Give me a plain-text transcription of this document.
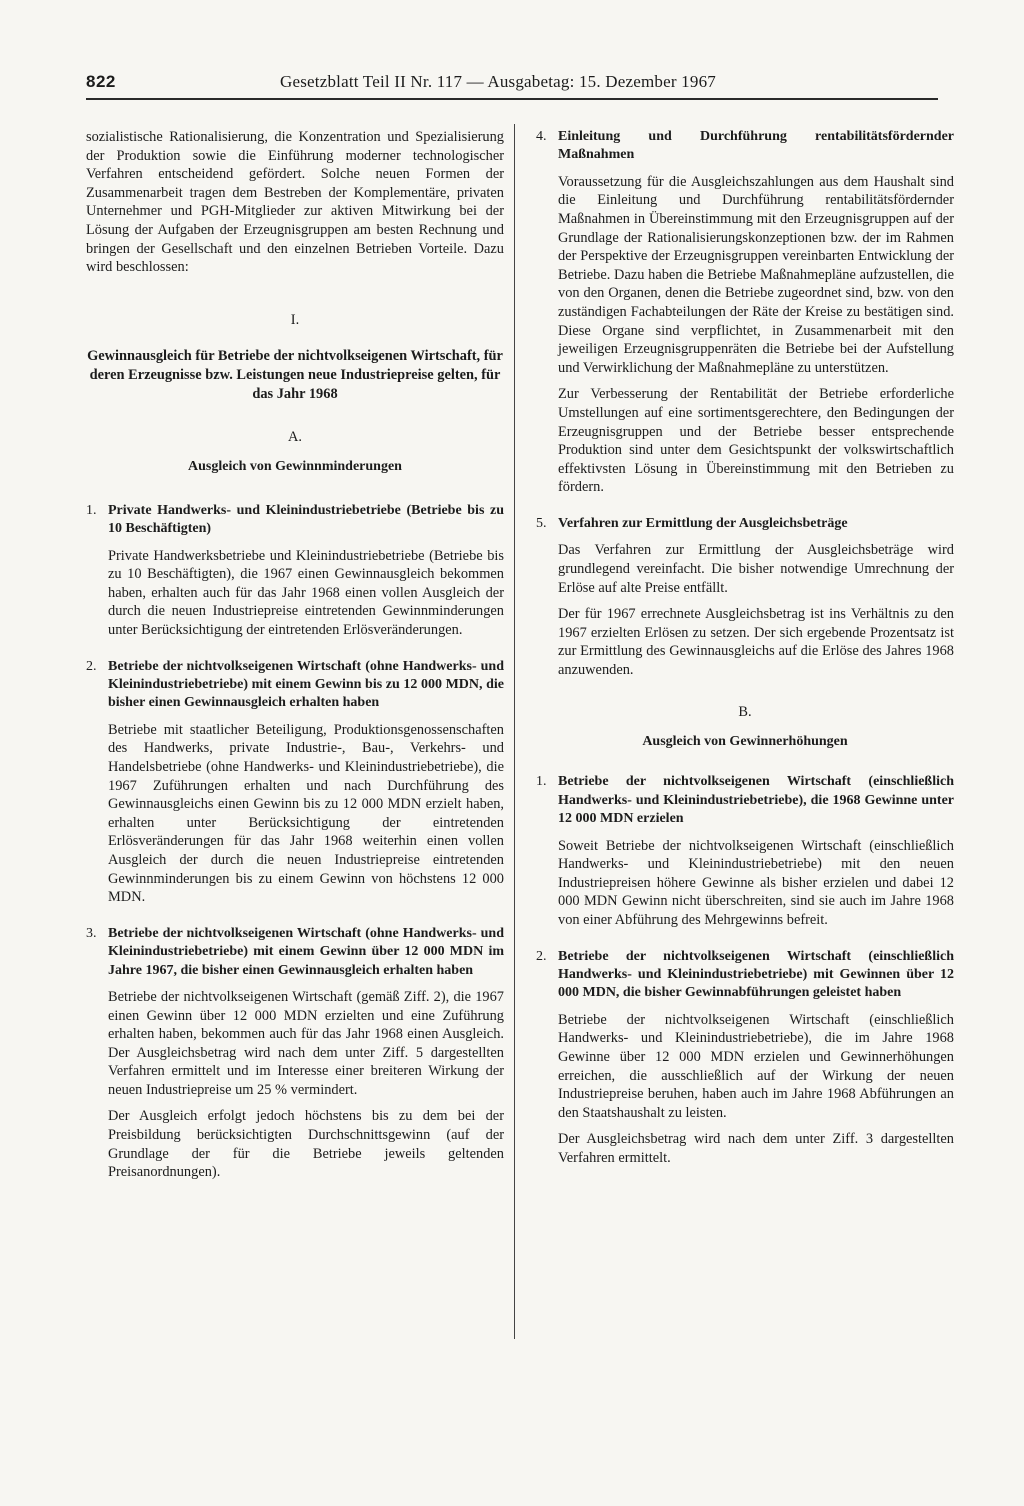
822	Gesetzblatt Teil II Nr. 117 — Ausgabetag: 15. Dezember 1967

sozialistische Rationalisierung, die Konzentration und Spezialisierung der Produktion sowie die Einführung moderner technologischer Verfahren entscheidend gefördert. Solche neuen Formen der Zusammenarbeit tragen dem Bestreben der Komplementäre, privaten Unternehmer und PGH-Mitglieder zur aktiven Mitwirkung bei der Lösung der Aufgaben der Erzeugnisgruppen am besten Rechnung und bringen der Gesellschaft und den einzelnen Betrieben Vorteile. Dazu wird beschlossen:

I.
Gewinnausgleich für Betriebe der nichtvolkseigenen Wirtschaft, für deren Erzeugnisse bzw. Leistungen neue Industriepreise gelten, für das Jahr 1968
A.
Ausgleich von Gewinnminderungen
1. Private Handwerks- und Kleinindustriebetriebe (Betriebe bis zu 10 Beschäftigten)

Private Handwerksbetriebe und Kleinindustriebetriebe (Betriebe bis zu 10 Beschäftigten), die 1967 einen Gewinnausgleich bekommen haben, erhalten auch für das Jahr 1968 einen vollen Ausgleich der durch die neuen Industriepreise eintretenden Gewinnminderungen unter Berücksichtigung der eintretenden Erlösveränderungen.

2. Betriebe der nichtvolkseigenen Wirtschaft (ohne Handwerks- und Kleinindustriebetriebe) mit einem Gewinn bis zu 12 000 MDN, die bisher einen Gewinnausgleich erhalten haben

Betriebe mit staatlicher Beteiligung, Produktionsgenossenschaften des Handwerks, private Industrie-, Bau-, Verkehrs- und Handelsbetriebe (ohne Handwerks- und Kleinindustriebetriebe), die 1967 Zuführungen erhalten und nach Durchführung des Gewinnausgleichs einen Gewinn bis zu 12 000 MDN erzielt haben, erhalten unter Berücksichtigung der eintretenden Erlösveränderungen für das Jahr 1968 weiterhin einen vollen Ausgleich der durch die neuen Industriepreise eintretenden Gewinnminderungen bis zu einem Gewinn von höchstens 12 000 MDN.

3. Betriebe der nichtvolkseigenen Wirtschaft (ohne Handwerks- und Kleinindustriebetriebe) mit einem Gewinn über 12 000 MDN im Jahre 1967, die bisher einen Gewinnausgleich erhalten haben

Betriebe der nichtvolkseigenen Wirtschaft (gemäß Ziff. 2), die 1967 einen Gewinn über 12 000 MDN erzielten und eine Zuführung erhalten haben, bekommen auch für das Jahr 1968 einen Ausgleich. Der Ausgleichsbetrag wird nach dem unter Ziff. 5 dargestellten Verfahren ermittelt und im Interesse einer breiteren Wirkung der neuen Industriepreise um 25 % vermindert.

Der Ausgleich erfolgt jedoch höchstens bis zu dem bei der Preisbildung berücksichtigten Durchschnittsgewinn (auf der Grundlage der für die Betriebe jeweils geltenden Preisanordnungen).

4. Einleitung und Durchführung rentabilitätsfördernder Maßnahmen

Voraussetzung für die Ausgleichszahlungen aus dem Haushalt sind die Einleitung und Durchführung rentabilitätsfördernder Maßnahmen in Übereinstimmung mit den Erzeugnisgruppen auf der Grundlage der Rationalisierungskonzeptionen bzw. der im Rahmen der Perspektive der Erzeugnisgruppen vereinbarten Entwicklung der Betriebe. Dazu haben die Betriebe Maßnahmepläne aufzustellen, die von den Organen, denen die Betriebe zugeordnet sind, bzw. von den zuständigen Fachabteilungen der Räte der Kreise zu bestätigen sind. Diese Organe sind verpflichtet, in Zusammenarbeit mit den jeweiligen Erzeugnisgruppenräten die Betriebe bei der Aufstellung und Verwirklichung der Maßnahmepläne zu unterstützen.

Zur Verbesserung der Rentabilität der Betriebe erforderliche Umstellungen auf eine sortimentsgerechtere, den Bedingungen der Erzeugnisgruppen und der Betriebe besser entsprechende Produktion sind unter dem Gesichtspunkt der volkswirtschaftlich effektivsten Lösung in Übereinstimmung mit den Betrieben zu fördern.

5. Verfahren zur Ermittlung der Ausgleichsbeträge

Das Verfahren zur Ermittlung der Ausgleichsbeträge wird grundlegend vereinfacht. Die bisher notwendige Umrechnung der Erlöse auf alte Preise entfällt.

Der für 1967 errechnete Ausgleichsbetrag ist ins Verhältnis zu den 1967 erzielten Erlösen zu setzen. Der sich ergebende Prozentsatz ist zur Ermittlung des Gewinnausgleichs auf die Erlöse des Jahres 1968 anzuwenden.

B.
Ausgleich von Gewinnerhöhungen
1. Betriebe der nichtvolkseigenen Wirtschaft (einschließlich Handwerks- und Kleinindustriebetriebe), die 1968 Gewinne unter 12 000 MDN erzielen

Soweit Betriebe der nichtvolkseigenen Wirtschaft (einschließlich Handwerks- und Kleinindustriebetriebe) mit den neuen Industriepreisen höhere Gewinne als bisher erzielen und dabei 12 000 MDN Gewinn nicht überschreiten, sind sie auch im Jahre 1968 von einer Abführung des Mehrgewinns befreit.

2. Betriebe der nichtvolkseigenen Wirtschaft (einschließlich Handwerks- und Kleinindustriebetriebe) mit Gewinnen über 12 000 MDN, die bisher Gewinnabführungen geleistet haben

Betriebe der nichtvolkseigenen Wirtschaft (einschließlich Handwerks- und Kleinindustriebetriebe), die im Jahre 1968 Gewinne über 12 000 MDN erzielen und Gewinnerhöhungen erreichen, die ausschließlich auf der Wirkung der neuen Industriepreise beruhen, haben auch im Jahre 1968 Abführungen an den Staatshaushalt zu leisten.

Der Ausgleichsbetrag wird nach dem unter Ziff. 3 dargestellten Verfahren ermittelt.
